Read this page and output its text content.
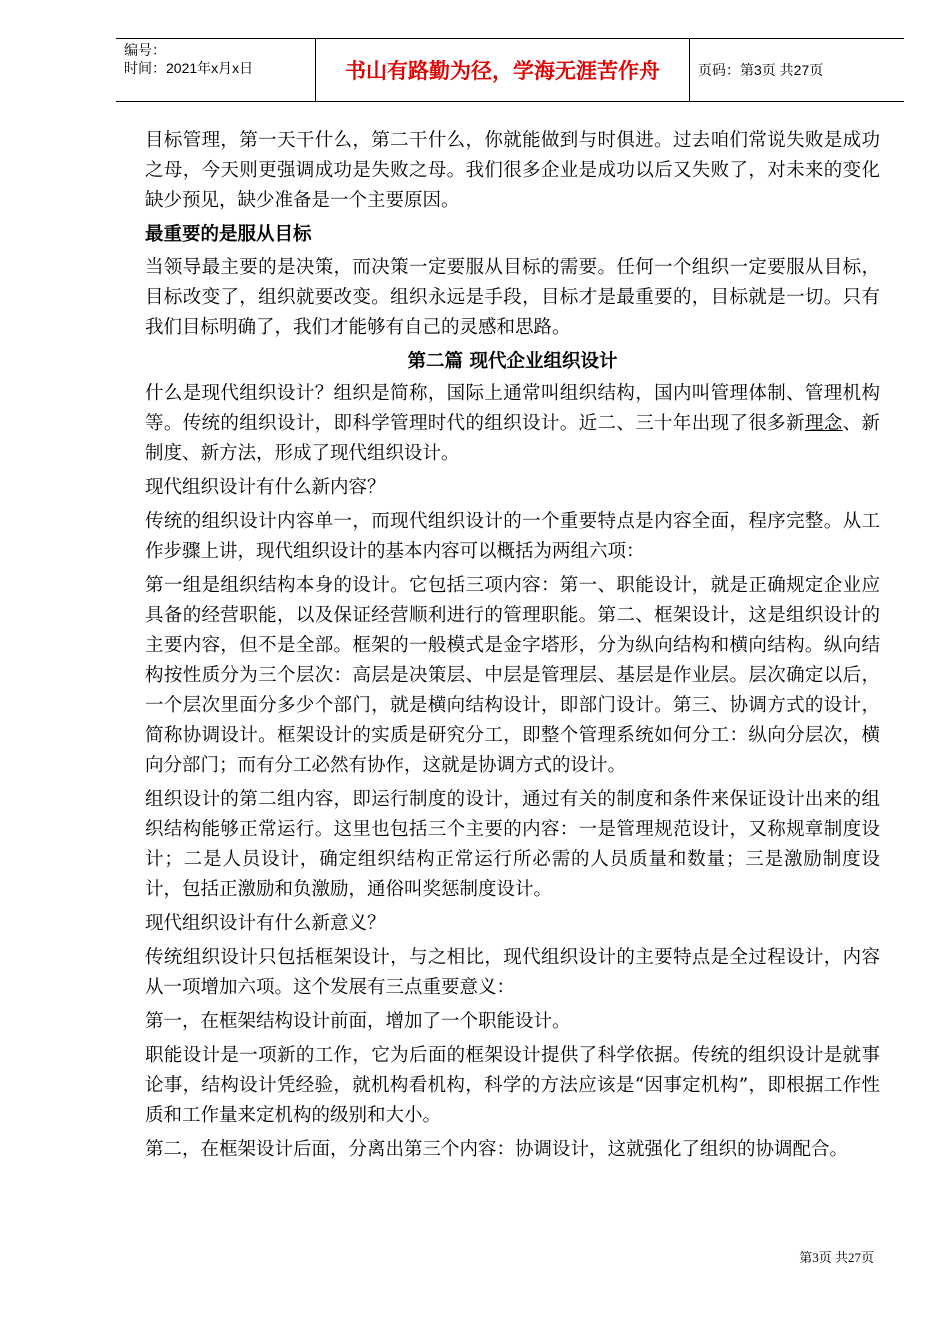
编号：
时间：2021年x月x日	书山有路勤为径，学海无涯苦作舟	页码：第3页 共27页

目标管理，第一天干什么，第二干什么，你就能做到与时俱进。过去咱们常说失败是成功之母，今天则更强调成功是失败之母。我们很多企业是成功以后又失败了，对未来的变化缺少预见，缺少准备是一个主要原因。

最重要的是服从目标

当领导最主要的是决策，而决策一定要服从目标的需要。任何一个组织一定要服从目标，目标改变了，组织就要改变。组织永远是手段，目标才是最重要的，目标就是一切。只有我们目标明确了，我们才能够有自己的灵感和思路。

第二篇 现代企业组织设计

什么是现代组织设计？组织是简称，国际上通常叫组织结构，国内叫管理体制、管理机构等。传统的组织设计，即科学管理时代的组织设计。近二、三十年出现了很多新理念、新制度、新方法，形成了现代组织设计。

现代组织设计有什么新内容？

传统的组织设计内容单一，而现代组织设计的一个重要特点是内容全面，程序完整。从工作步骤上讲，现代组织设计的基本内容可以概括为两组六项：

第一组是组织结构本身的设计。它包括三项内容：第一、职能设计，就是正确规定企业应具备的经营职能，以及保证经营顺利进行的管理职能。第二、框架设计，这是组织设计的主要内容，但不是全部。框架的一般模式是金字塔形，分为纵向结构和横向结构。纵向结构按性质分为三个层次：高层是决策层、中层是管理层、基层是作业层。层次确定以后，一个层次里面分多少个部门，就是横向结构设计，即部门设计。第三、协调方式的设计，简称协调设计。框架设计的实质是研究分工，即整个管理系统如何分工：纵向分层次，横向分部门；而有分工必然有协作，这就是协调方式的设计。

组织设计的第二组内容，即运行制度的设计，通过有关的制度和条件来保证设计出来的组织结构能够正常运行。这里也包括三个主要的内容：一是管理规范设计，又称规章制度设计；二是人员设计，确定组织结构正常运行所必需的人员质量和数量；三是激励制度设计，包括正激励和负激励，通俗叫奖惩制度设计。

现代组织设计有什么新意义？

传统组织设计只包括框架设计，与之相比，现代组织设计的主要特点是全过程设计，内容从一项增加六项。这个发展有三点重要意义：

第一，在框架结构设计前面，增加了一个职能设计。

职能设计是一项新的工作，它为后面的框架设计提供了科学依据。传统的组织设计是就事论事，结构设计凭经验，就机构看机构，科学的方法应该是“因事定机构”，即根据工作性质和工作量来定机构的级别和大小。

第二，在框架设计后面，分离出第三个内容：协调设计，这就强化了组织的协调配合。

第3页 共27页
